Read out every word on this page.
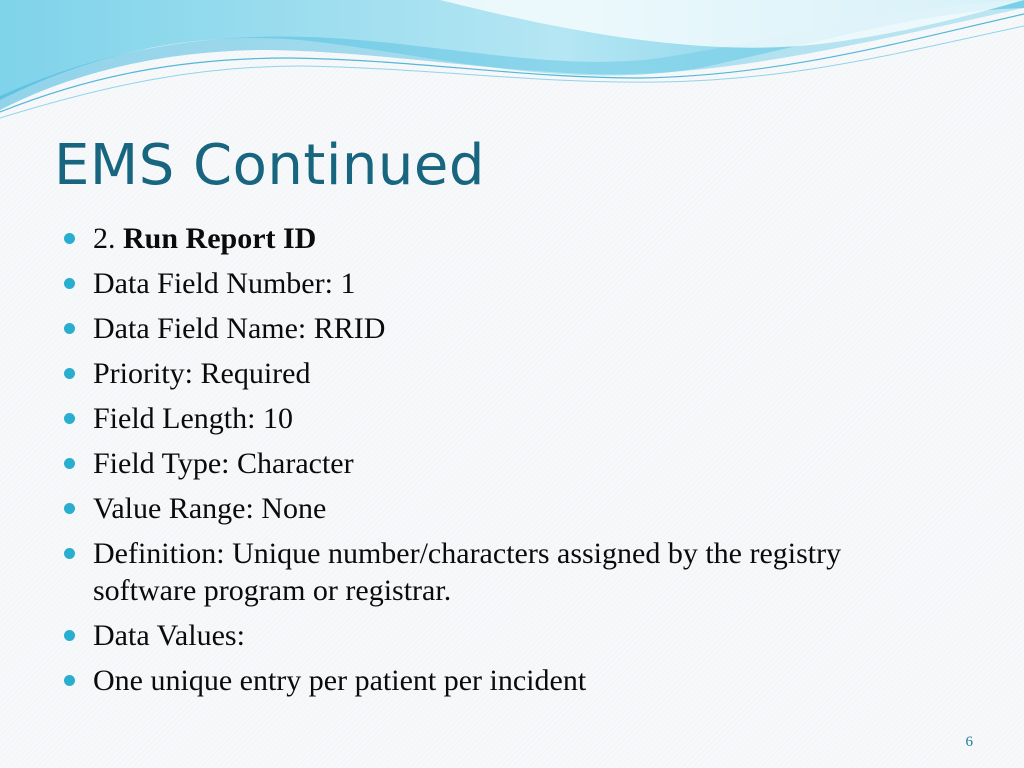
EMS Continued
2. Run Report ID
Data Field Number: 1
Data Field Name: RRID
Priority: Required
Field Length: 10
Field Type: Character
Value Range: None
Definition: Unique number/characters assigned by the registry software program or registrar.
Data Values:
One unique entry per patient per incident
6
